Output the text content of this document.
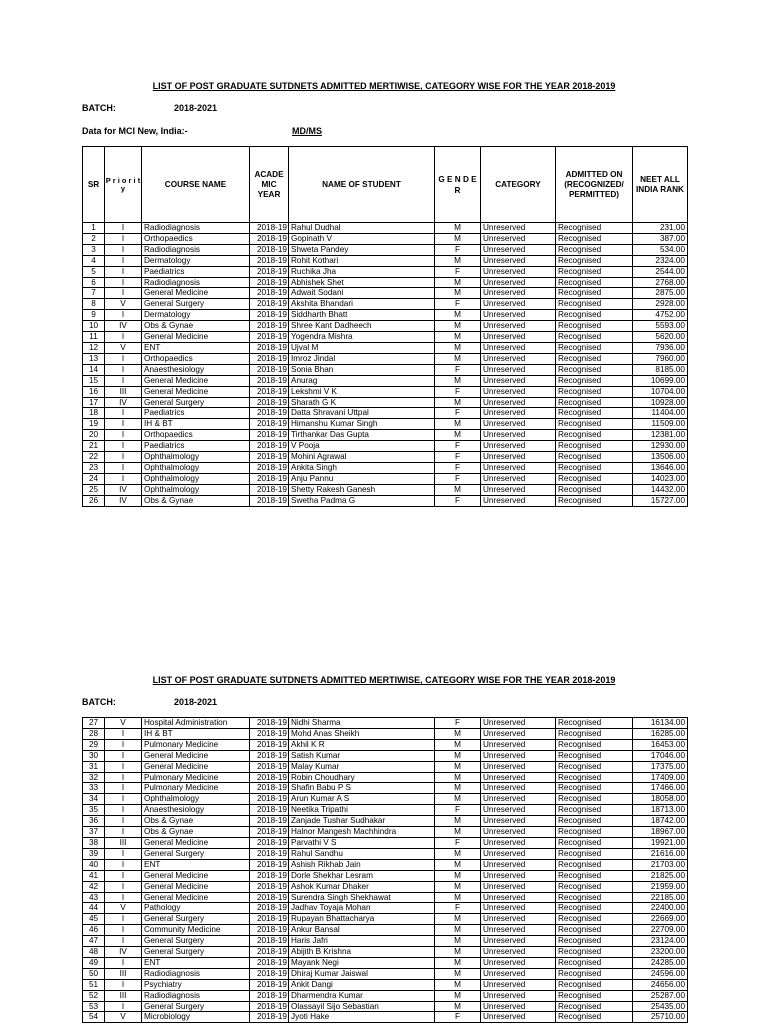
LIST OF POST GRADUATE SUTDNETS ADMITTED MERTIWISE, CATEGORY WISE FOR THE YEAR 2018-2019
BATCH:	2018-2021
Data for MCI New, India:-	MD/MS
SR	P r i o r i t y	COURSE NAME	ACADE MIC YEAR	NAME OF STUDENT	G E N D E R	CATEGORY	ADMITTED ON (RECOGNIZED/ PERMITTED)	NEET ALL INDIA RANK
1	I	Radiodiagnosis	2018-19	Rahul Dudhal	M	Unreserved	Recognised	231.00
2	I	Orthopaedics	2018-19	Gopinath V	M	Unreserved	Recognised	387.00
3	I	Radiodiagnosis	2018-19	Shweta Pandey	F	Unreserved	Recognised	534.00
4	I	Dermatology	2018-19	Rohit Kothari	M	Unreserved	Recognised	2324.00
5	I	Paediatrics	2018-19	Ruchika Jha	F	Unreserved	Recognised	2544.00
6	I	Radiodiagnosis	2018-19	Abhishek Shet	M	Unreserved	Recognised	2768.00
7	I	General Medicine	2018-19	Adwait Sodani	M	Unreserved	Recognised	2875.00
8	V	General Surgery	2018-19	Akshita Bhandari	F	Unreserved	Recognised	2928.00
9	I	Dermatology	2018-19	Siddharth Bhatt	M	Unreserved	Recognised	4752.00
10	IV	Obs & Gynae	2018-19	Shree Kant Dadheech	M	Unreserved	Recognised	5593.00
11	I	General Medicine	2018-19	Yogendra Mishra	M	Unreserved	Recognised	5620.00
12	V	ENT	2018-19	Ujval M	M	Unreserved	Recognised	7936.00
13	I	Orthopaedics	2018-19	Imroz Jindal	M	Unreserved	Recognised	7960.00
14	I	Anaesthesiology	2018-19	Sonia Bhan	F	Unreserved	Recognised	8185.00
15	I	General Medicine	2018-19	Anurag	M	Unreserved	Recognised	10699.00
16	III	General Medicine	2018-19	Lekshmi V K	F	Unreserved	Recognised	10704.00
17	IV	General Surgery	2018-19	Sharath G K	M	Unreserved	Recognised	10928.00
18	I	Paediatrics	2018-19	Datta Shravani Uttpal	F	Unreserved	Recognised	11404.00
19	I	IH & BT	2018-19	Himanshu Kumar Singh	M	Unreserved	Recognised	11509.00
20	I	Orthopaedics	2018-19	Tirthankar Das Gupta	M	Unreserved	Recognised	12381.00
21	I	Paediatrics	2018-19	V Pooja	F	Unreserved	Recognised	12930.00
22	I	Ophthalmology	2018-19	Mohini Agrawal	F	Unreserved	Recognised	13506.00
23	I	Ophthalmology	2018-19	Ankita Singh	F	Unreserved	Recognised	13646.00
24	I	Ophthalmology	2018-19	Anju Pannu	F	Unreserved	Recognised	14023.00
25	IV	Ophthalmology	2018-19	Shetty Rakesh Ganesh	M	Unreserved	Recognised	14432.00
26	IV	Obs & Gynae	2018-19	Swetha Padma G	F	Unreserved	Recognised	15727.00
LIST OF POST GRADUATE SUTDNETS ADMITTED MERTIWISE, CATEGORY WISE FOR THE YEAR 2018-2019
BATCH:	2018-2021
27	V	Hospital Administration	2018-19	Nidhi Sharma	F	Unreserved	Recognised	16134.00
28	I	IH & BT	2018-19	Mohd Anas Sheikh	M	Unreserved	Recognised	16285.00
29	I	Pulmonary Medicine	2018-19	Akhil K R	M	Unreserved	Recognised	16453.00
30	I	General Medicine	2018-19	Satish Kumar	M	Unreserved	Recognised	17046.00
31	I	General Medicine	2018-19	Malay Kumar	M	Unreserved	Recognised	17375.00
32	I	Pulmonary Medicine	2018-19	Robin Choudhary	M	Unreserved	Recognised	17409.00
33	I	Pulmonary Medicine	2018-19	Shafin Babu P S	M	Unreserved	Recognised	17466.00
34	I	Ophthalmology	2018-19	Arun Kumar A S	M	Unreserved	Recognised	18058.00
35	I	Anaesthesiology	2018-19	Neetika Tripathi	F	Unreserved	Recognised	18713.00
36	I	Obs & Gynae	2018-19	Zanjade Tushar Sudhakar	M	Unreserved	Recognised	18742.00
37	I	Obs & Gynae	2018-19	Halnor Mangesh Machhindra	M	Unreserved	Recognised	18967.00
38	III	General Medicine	2018-19	Parvathi V S	F	Unreserved	Recognised	19921.00
39	I	General Surgery	2018-19	Rahul Sandhu	M	Unreserved	Recognised	21616.00
40	I	ENT	2018-19	Ashish Rikhab Jain	M	Unreserved	Recognised	21703.00
41	I	General Medicine	2018-19	Dorle Shekhar Lesram	M	Unreserved	Recognised	21825.00
42	I	General Medicine	2018-19	Ashok Kumar Dhaker	M	Unreserved	Recognised	21959.00
43	I	General Medicine	2018-19	Surendra Singh Shekhawat	M	Unreserved	Recognised	22185.00
44	V	Pathology	2018-19	Jadhav Toyaja Mohan	F	Unreserved	Recognised	22400.00
45	I	General Surgery	2018-19	Rupayan Bhattacharya	M	Unreserved	Recognised	22669.00
46	I	Community Medicine	2018-19	Ankur Bansal	M	Unreserved	Recognised	22709.00
47	I	General Surgery	2018-19	Haris Jafri	M	Unreserved	Recognised	23124.00
48	IV	General Surgery	2018-19	Abijith B Krishna	M	Unreserved	Recognised	23200.00
49	I	ENT	2018-19	Mayank Negi	M	Unreserved	Recognised	24285.00
50	III	Radiodiagnosis	2018-19	Dhiraj Kumar Jaiswal	M	Unreserved	Recognised	24596.00
51	I	Psychiatry	2018-19	Ankit Dangi	M	Unreserved	Recognised	24656.00
52	III	Radiodiagnosis	2018-19	Dharmendra Kumar	M	Unreserved	Recognised	25287.00
53	I	General Surgery	2018-19	Olassayil Sijo Sebastian	M	Unreserved	Recognised	25435.00
54	V	Microbiology	2018-19	Jyoti Hake	F	Unreserved	Recognised	25710.00
